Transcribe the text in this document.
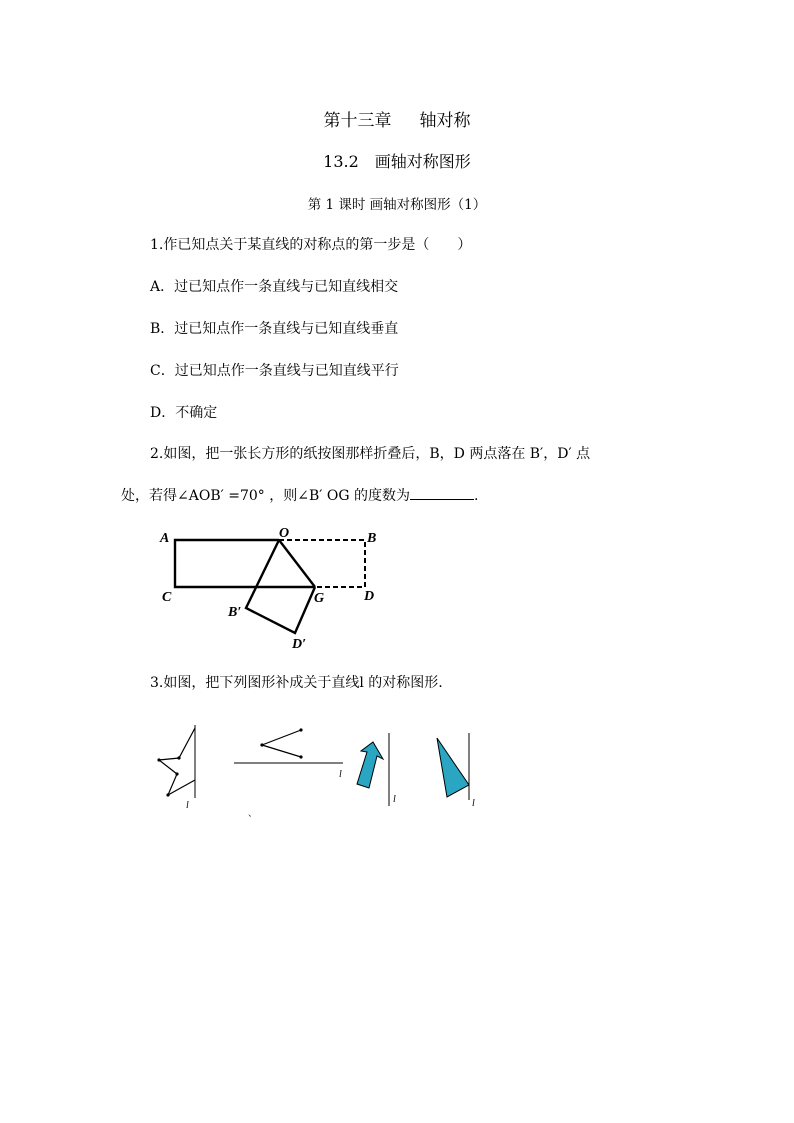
第十三章 轴对称
13.2　画轴对称图形
第 1 课时 画轴对称图形（1）
1.作已知点关于某直线的对称点的第一步是（　　）
A．过已知点作一条直线与已知直线相交
B．过已知点作一条直线与已知直线垂直
C．过已知点作一条直线与已知直线平行
D．不确定
2.如图，把一张长方形的纸按图那样折叠后，B，D 两点落在 B′，D′ 点
处，若得∠AOB′ =70° ，则∠B′ OG 的度数为	.
A	O	B
C	G	D
B′
D′
3.如图，把下列图形补成关于直线l 的对称图形.
l
l
、
l	l
